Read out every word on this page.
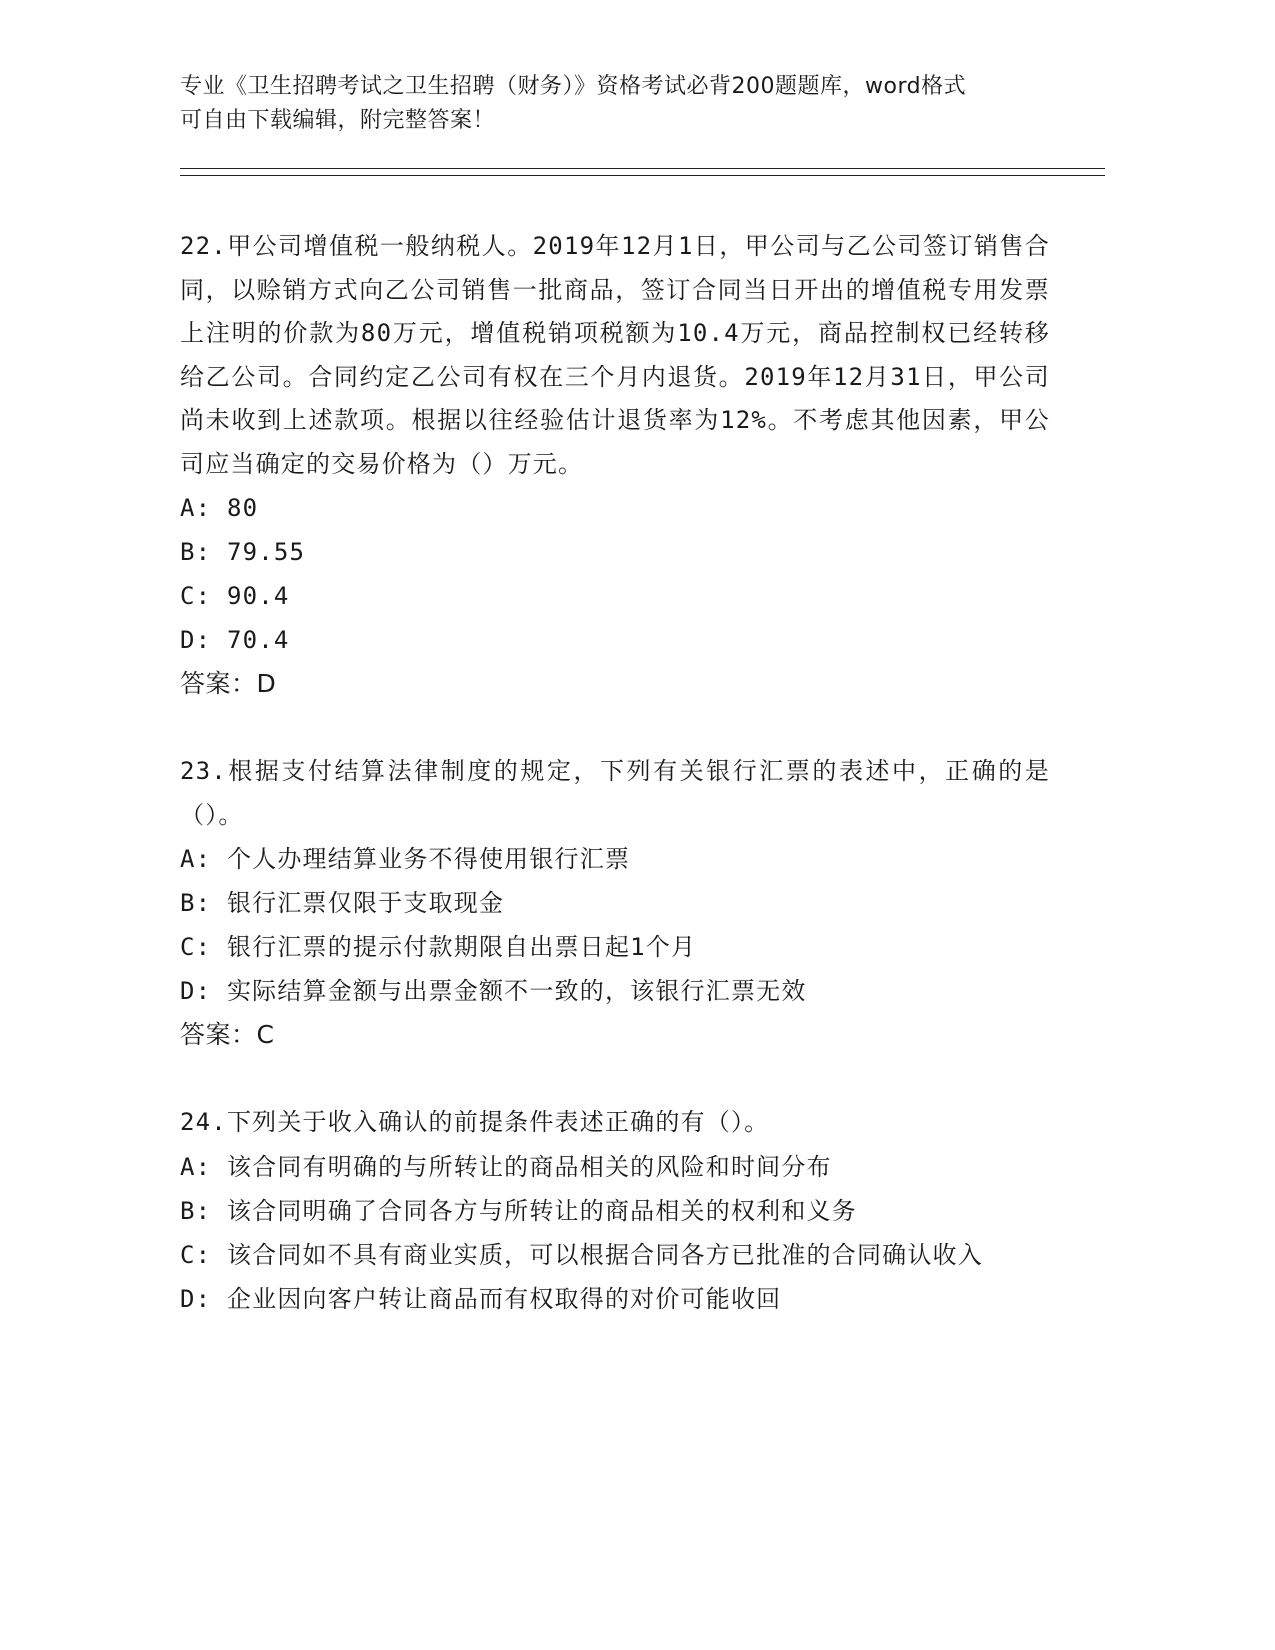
专业《卫生招聘考试之卫生招聘（财务）》资格考试必背200题题库，word格式
可自由下载编辑，附完整答案！
22.甲公司增值税一般纳税人。2019年12月1日，甲公司与乙公司签订销售合同，以赊销方式向乙公司销售一批商品，签订合同当日开出的增值税专用发票上注明的价款为80万元，增值税销项税额为10.4万元，商品控制权已经转移给乙公司。合同约定乙公司有权在三个月内退货。2019年12月31日，甲公司尚未收到上述款项。根据以往经验估计退货率为12%。不考虑其他因素，甲公司应当确定的交易价格为（）万元。
A: 80
B: 79.55
C: 90.4
D: 70.4
答案：D
23.根据支付结算法律制度的规定，下列有关银行汇票的表述中，正确的是（）。
A: 个人办理结算业务不得使用银行汇票
B: 银行汇票仅限于支取现金
C: 银行汇票的提示付款期限自出票日起1个月
D: 实际结算金额与出票金额不一致的，该银行汇票无效
答案：C
24.下列关于收入确认的前提条件表述正确的有（）。
A: 该合同有明确的与所转让的商品相关的风险和时间分布
B: 该合同明确了合同各方与所转让的商品相关的权利和义务
C: 该合同如不具有商业实质，可以根据合同各方已批准的合同确认收入
D: 企业因向客户转让商品而有权取得的对价可能收回
